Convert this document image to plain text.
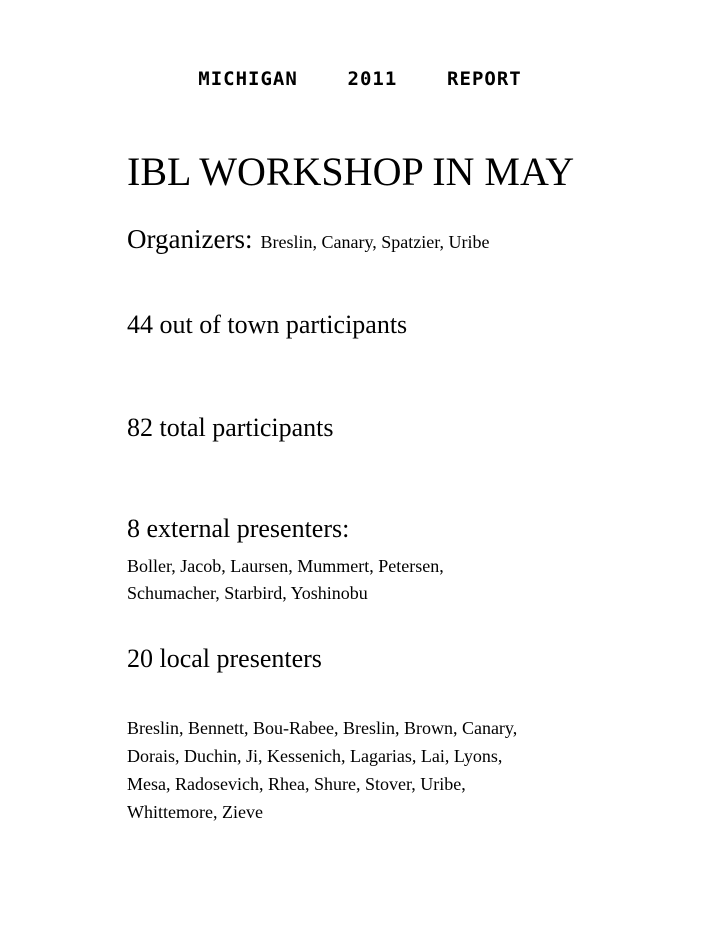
MICHIGAN    2011    REPORT
IBL WORKSHOP IN MAY
Organizers: Breslin, Canary, Spatzier, Uribe
44 out of town participants
82 total participants
8 external presenters:
Boller, Jacob, Laursen, Mummert, Petersen,
Schumacher, Starbird, Yoshinobu
20 local presenters
Breslin, Bennett, Bou-Rabee, Breslin, Brown, Canary,
Dorais, Duchin, Ji, Kessenich, Lagarias, Lai, Lyons,
Mesa, Radosevich, Rhea, Shure, Stover, Uribe,
Whittemore, Zieve
